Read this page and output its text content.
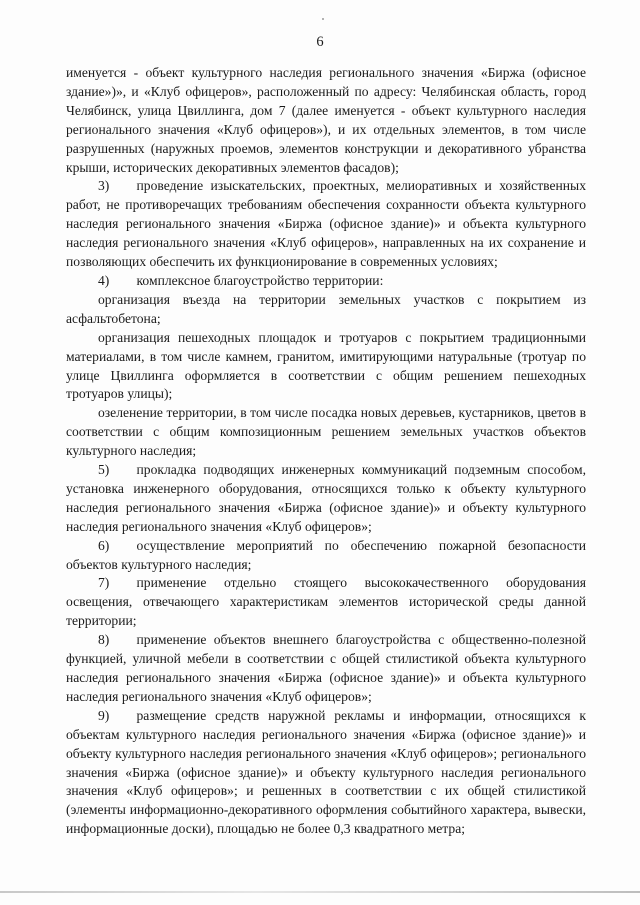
6

именуется - объект культурного наследия регионального значения «Биржа (офисное здание»)», и «Клуб офицеров», расположенный по адресу: Челябинская область, город Челябинск, улица Цвиллинга, дом 7 (далее именуется - объект культурного наследия регионального значения «Клуб офицеров»), и их отдельных элементов, в том числе разрушенных (наружных проемов, элементов конструкции и декоративного убранства крыши, исторических декоративных элементов фасадов);

3)  проведение изыскательских, проектных, мелиоративных и хозяйственных работ, не противоречащих требованиям обеспечения сохранности объекта культурного наследия регионального значения «Биржа (офисное здание)» и объекта культурного наследия регионального значения «Клуб офицеров», направленных на их сохранение и позволяющих обеспечить их функционирование в современных условиях;

4)  комплексное благоустройство территории:

организация въезда на территории земельных участков с покрытием из асфальтобетона;

организация пешеходных площадок и тротуаров с покрытием традиционными материалами, в том числе камнем, гранитом, имитирующими натуральные (тротуар по улице Цвиллинга оформляется в соответствии с общим решением пешеходных тротуаров улицы);

озеленение территории, в том числе посадка новых деревьев, кустарников, цветов в соответствии с общим композиционным решением земельных участков объектов культурного наследия;

5)  прокладка подводящих инженерных коммуникаций подземным способом, установка инженерного оборудования, относящихся только к объекту культурного наследия регионального значения «Биржа (офисное здание)» и объекту культурного наследия регионального значения «Клуб офицеров»;

6)  осуществление мероприятий по обеспечению пожарной безопасности объектов культурного наследия;

7)  применение отдельно стоящего высококачественного оборудования освещения, отвечающего характеристикам элементов исторической среды данной территории;

8)  применение объектов внешнего благоустройства с общественно-полезной функцией, уличной мебели в соответствии с общей стилистикой объекта культурного наследия регионального значения «Биржа (офисное здание)» и объекта культурного наследия регионального значения «Клуб офицеров»;

9)  размещение средств наружной рекламы и информации, относящихся к объектам культурного наследия регионального значения «Биржа (офисное здание)» и объекту культурного наследия регионального значения «Клуб офицеров»; регионального значения «Биржа (офисное здание)» и объекту культурного наследия регионального значения «Клуб офицеров»; и решенных в соответствии с их общей стилистикой (элементы информационно-декоративного оформления событийного характера, вывески, информационные доски), площадью не более 0,3 квадратного метра;
